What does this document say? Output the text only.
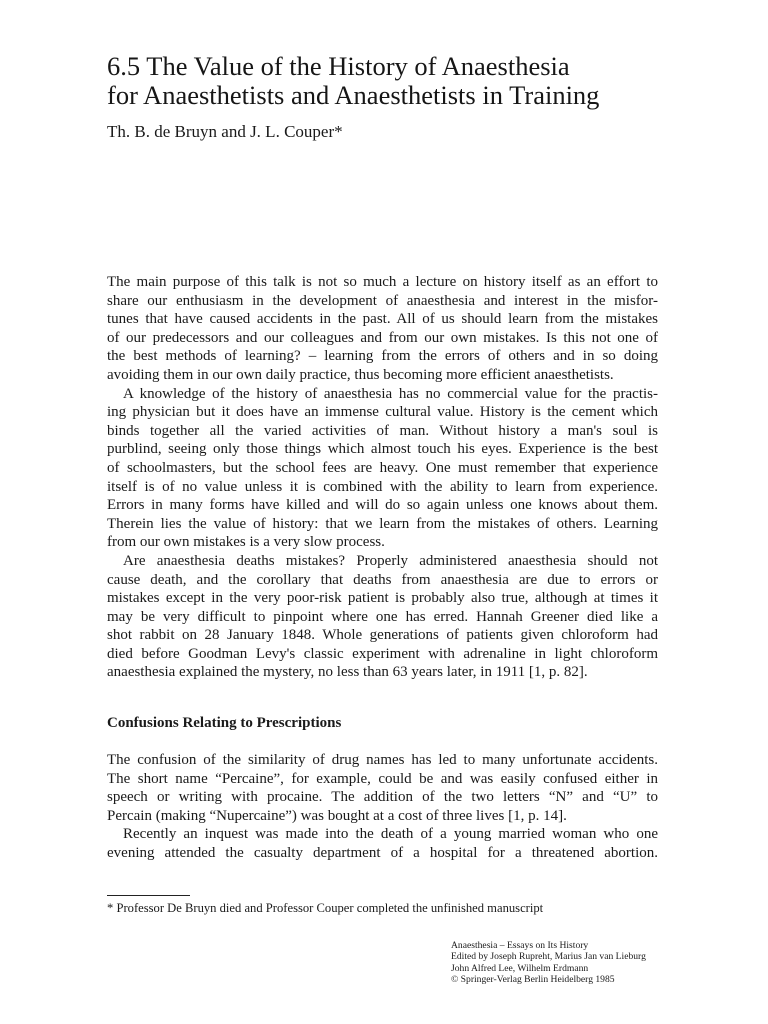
6.5 The Value of the History of Anaesthesia
for Anaesthetists and Anaesthetists in Training

Th. B. de Bruyn and J. L. Couper*

The main purpose of this talk is not so much a lecture on history itself as an effort to
share our enthusiasm in the development of anaesthesia and interest in the misfor-
tunes that have caused accidents in the past. All of us should learn from the mistakes
of our predecessors and our colleagues and from our own mistakes. Is this not one of
the best methods of learning? – learning from the errors of others and in so doing
avoiding them in our own daily practice, thus becoming more efficient anaesthetists.

A knowledge of the history of anaesthesia has no commercial value for the practis-
ing physician but it does have an immense cultural value. History is the cement which
binds together all the varied activities of man. Without history a man's soul is
purblind, seeing only those things which almost touch his eyes. Experience is the best
of schoolmasters, but the school fees are heavy. One must remember that experience
itself is of no value unless it is combined with the ability to learn from experience.
Errors in many forms have killed and will do so again unless one knows about them.
Therein lies the value of history: that we learn from the mistakes of others. Learning
from our own mistakes is a very slow process.

Are anaesthesia deaths mistakes? Properly administered anaesthesia should not
cause death, and the corollary that deaths from anaesthesia are due to errors or
mistakes except in the very poor-risk patient is probably also true, although at times it
may be very difficult to pinpoint where one has erred. Hannah Greener died like a
shot rabbit on 28 January 1848. Whole generations of patients given chloroform had
died before Goodman Levy's classic experiment with adrenaline in light chloroform
anaesthesia explained the mystery, no less than 63 years later, in 1911 [1, p. 82].

Confusions Relating to Prescriptions

The confusion of the similarity of drug names has led to many unfortunate accidents.
The short name “Percaine”, for example, could be and was easily confused either in
speech or writing with procaine. The addition of the two letters “N” and “U” to
Percain (making “Nupercaine”) was bought at a cost of three lives [1, p. 14].

Recently an inquest was made into the death of a young married woman who one
evening attended the casualty department of a hospital for a threatened abortion.

* Professor De Bruyn died and Professor Couper completed the unfinished manuscript

Anaesthesia – Essays on Its History
Edited by Joseph Rupreht, Marius Jan van Lieburg
John Alfred Lee, Wilhelm Erdmann
© Springer-Verlag Berlin Heidelberg 1985
